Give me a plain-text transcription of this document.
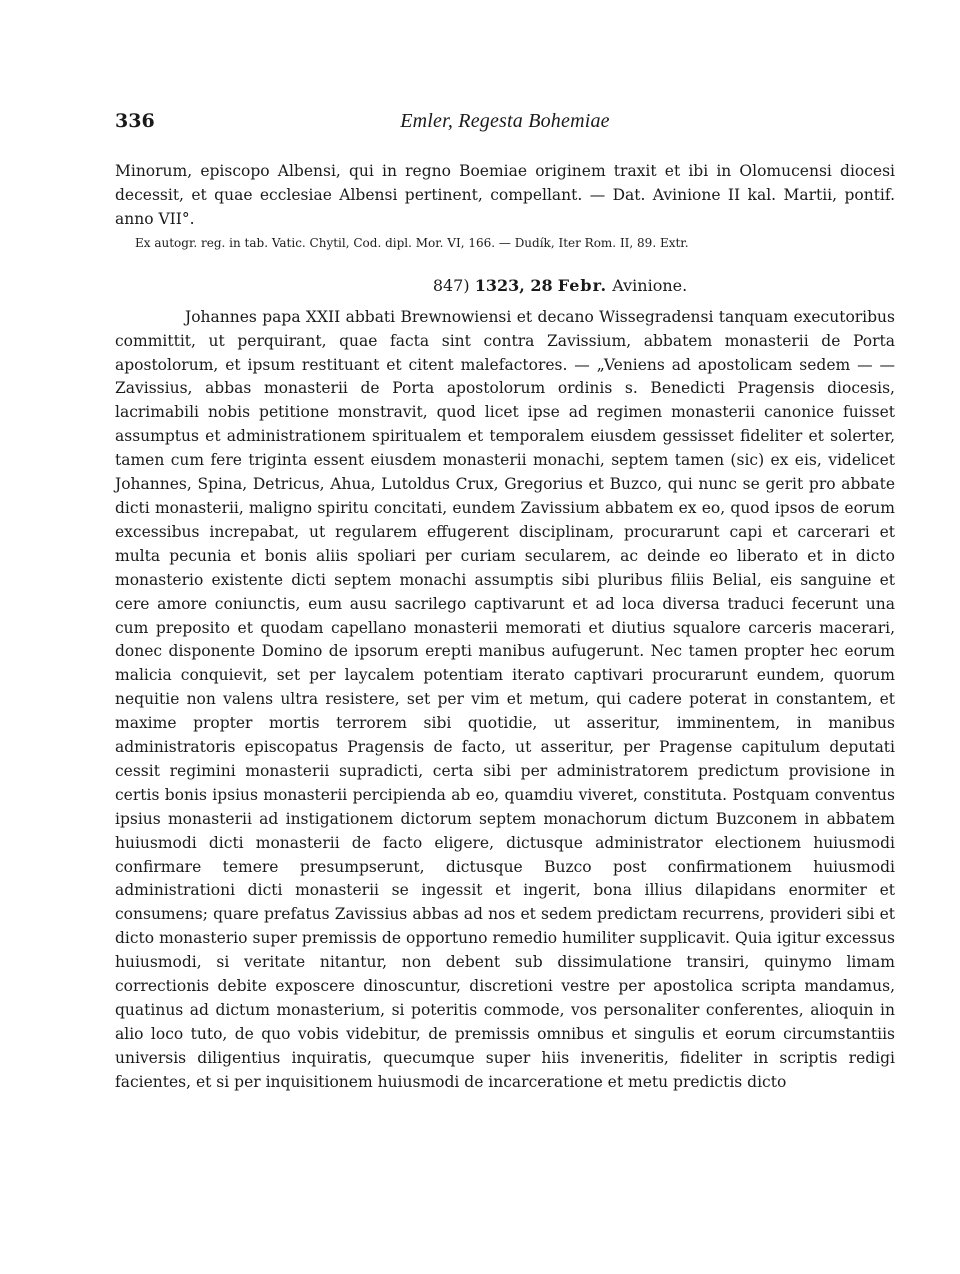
336	Emler, Regesta Bohemiae

Minorum, episcopo Albensi, qui in regno Boemiae originem traxit et ibi in Olomucensi diocesi decessit, et quae ecclesiae Albensi pertinent, compellant. — Dat. Avinione II kal. Martii, pontif. anno VII°.

Ex autogr. reg. in tab. Vatic. Chytil, Cod. dipl. Mor. VI, 166. — Dudík, Iter Rom. II, 89. Extr.

847) 1323, 28 Febr. Avinione.

Johannes papa XXII abbati Brewnowiensi et decano Wissegradensi tanquam executoribus committit, ut perquirant, quae facta sint contra Zavissium, abbatem monasterii de Porta apostolorum, et ipsum restituant et citent malefactores. — „Veniens ad apostolicam sedem — — Zavissius, abbas monasterii de Porta apostolorum ordinis s. Benedicti Pragensis diocesis, lacrimabili nobis petitione monstravit, quod licet ipse ad regimen monasterii canonice fuisset assumptus et administrationem spiritualem et temporalem eiusdem gessisset fideliter et solerter, tamen cum fere triginta essent eiusdem monasterii monachi, septem tamen (sic) ex eis, videlicet Johannes, Spina, Detricus, Ahua, Lutoldus Crux, Gregorius et Buzco, qui nunc se gerit pro abbate dicti monasterii, maligno spiritu concitati, eundem Zavissium abbatem ex eo, quod ipsos de eorum excessibus increpabat, ut regularem effugerent disciplinam, procurarunt capi et carcerari et multa pecunia et bonis aliis spoliari per curiam secularem, ac deinde eo liberato et in dicto monasterio existente dicti septem monachi assumptis sibi pluribus filiis Belial, eis sanguine et cere amore coniunctis, eum ausu sacrilego captivarunt et ad loca diversa traduci fecerunt una cum preposito et quodam capellano monasterii memorati et diutius squalore carceris macerari, donec disponente Domino de ipsorum erepti manibus aufugerunt. Nec tamen propter hec eorum malicia conquievit, set per laycalem potentiam iterato captivari procurarunt eundem, quorum nequitie non valens ultra resistere, set per vim et metum, qui cadere poterat in constantem, et maxime propter mortis terrorem sibi quotidie, ut asseritur, imminentem, in manibus administratoris episcopatus Pragensis de facto, ut asseritur, per Pragense capitulum deputati cessit regimini monasterii supradicti, certa sibi per administratorem predictum provisione in certis bonis ipsius monasterii percipienda ab eo, quamdiu viveret, constituta. Postquam conventus ipsius monasterii ad instigationem dictorum septem monachorum dictum Buzconem in abbatem huiusmodi dicti monasterii de facto eligere, dictusque administrator electionem huiusmodi confirmare temere presumpserunt, dictusque Buzco post confirmationem huiusmodi administrationi dicti monasterii se ingessit et ingerit, bona illius dilapidans enormiter et consumens; quare prefatus Zavissius abbas ad nos et sedem predictam recurrens, provideri sibi et dicto monasterio super premissis de opportuno remedio humiliter supplicavit. Quia igitur excessus huiusmodi, si veritate nitantur, non debent sub dissimulatione transiri, quinymo limam correctionis debite exposcere dinoscuntur, discretioni vestre per apostolica scripta mandamus, quatinus ad dictum monasterium, si poteritis commode, vos personaliter conferentes, alioquin in alio loco tuto, de quo vobis videbitur, de premissis omnibus et singulis et eorum circumstantiis universis diligentius inquiratis, quecumque super hiis inveneritis, fideliter in scriptis redigi facientes, et si per inquisitionem huiusmodi de incarceratione et metu predictis dicto
